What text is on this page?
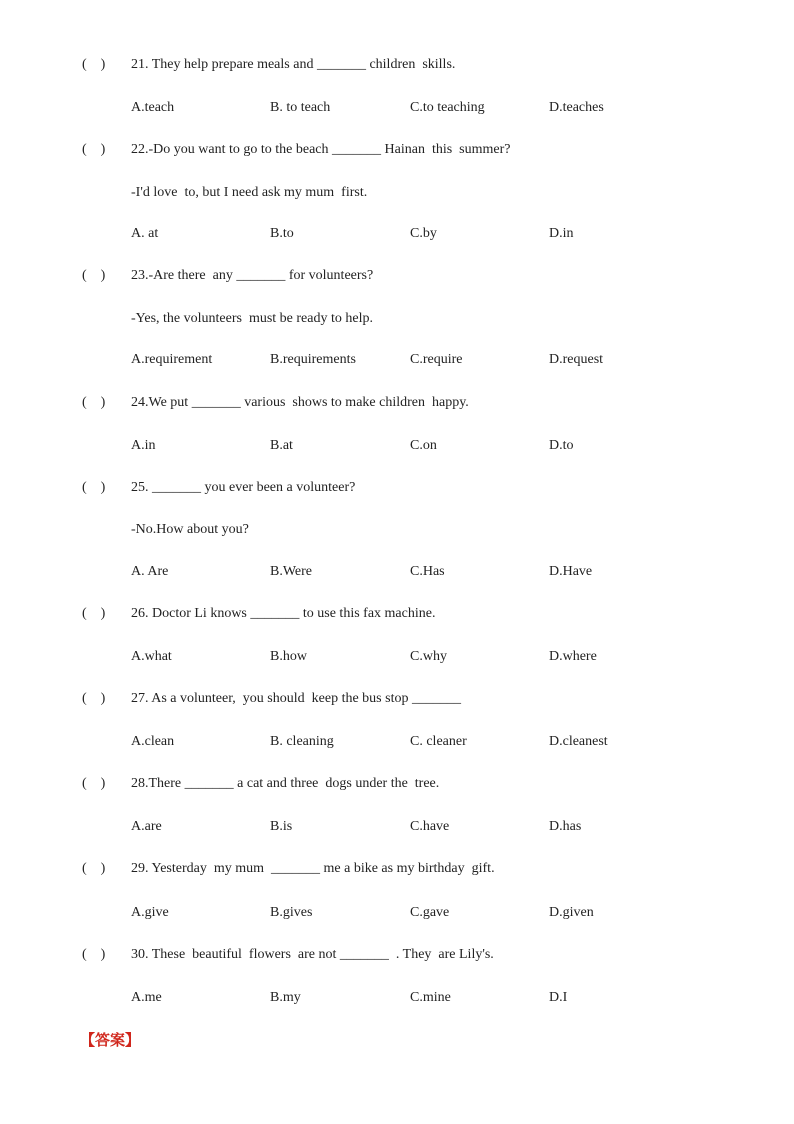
(    ) 21. They help prepare meals and _______ children  skills.
A.teach	B. to teach	C.to teaching	D.teaches
(    ) 22.-Do you want to go to the beach _______ Hainan  this  summer?
-I'd love  to, but I need ask my mum  first.
A. at	B.to	C.by	D.in
(    ) 23.-Are there  any _______ for volunteers?
-Yes, the volunteers  must be ready to help.
A.requirement	B.requirements	C.require	D.request
(    ) 24.We put _______ various  shows to make children  happy.
A.in	B.at	C.on	D.to
(    ) 25. _______ you ever been a volunteer?
-No.How about you?
A. Are	B.Were	C.Has	D.Have
(    ) 26. Doctor Li knows _______ to use this fax machine.
A.what	B.how	C.why	D.where
(    ) 27. As a volunteer,  you should  keep the bus stop _______
A.clean	B. cleaning	C. cleaner	D.cleanest
(    ) 28.There _______ a cat and three  dogs under the  tree.
A.are	B.is	C.have	D.has
(    ) 29. Yesterday  my mum  _______ me a bike as my birthday  gift.
A.give	B.gives	C.gave	D.given
(    ) 30. These  beautiful  flowers  are not _______  . They  are Lily's.
A.me	B.my	C.mine	D.I
【答案】
